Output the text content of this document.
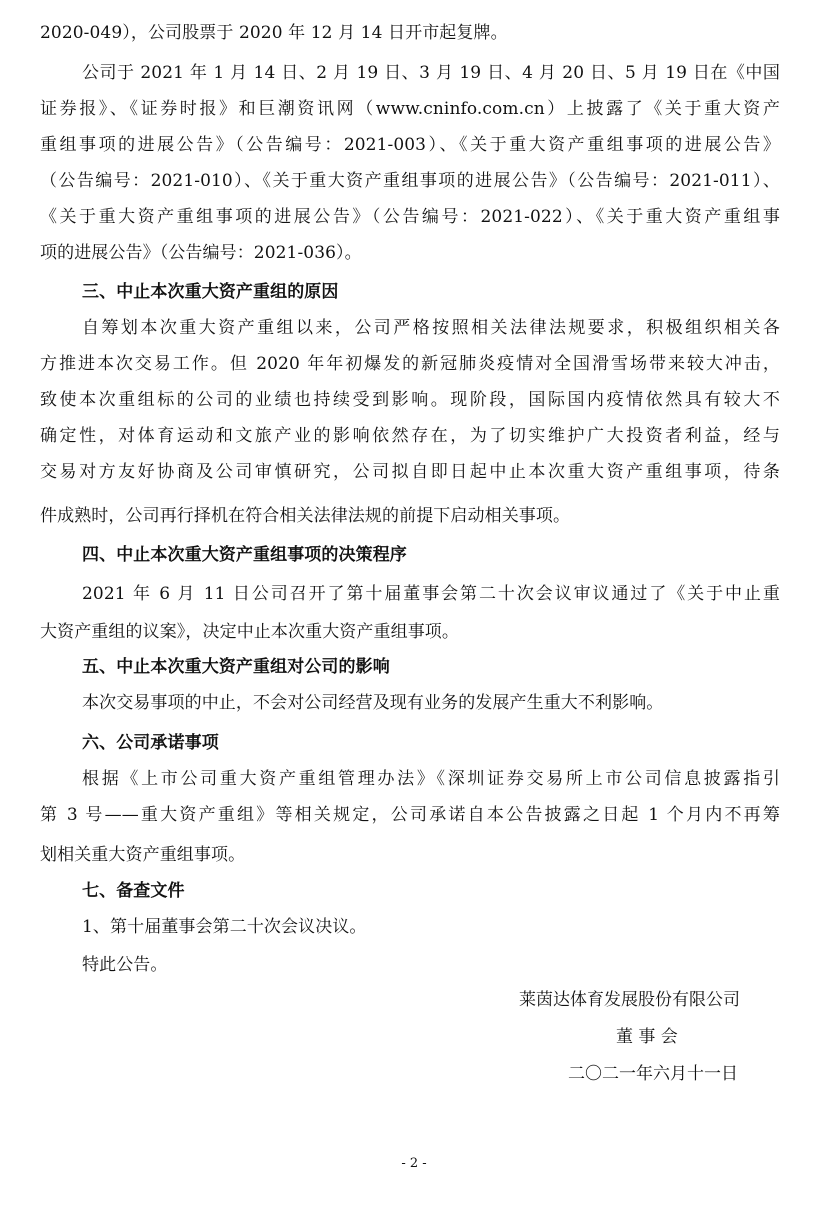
2020-049），公司股票于 2020 年 12 月 14 日开市起复牌。
公司于 2021 年 1 月 14 日、2 月 19 日、3 月 19 日、4 月 20 日、5 月 19 日在《中国
证券报》、《证券时报》和巨潮资讯网（www.cninfo.com.cn）上披露了《关于重大资产
重组事项的进展公告》（公告编号：2021-003）、《关于重大资产重组事项的进展公告》
（公告编号：2021-010）、《关于重大资产重组事项的进展公告》（公告编号：2021-011）、
《关于重大资产重组事项的进展公告》（公告编号：2021-022）、《关于重大资产重组事
项的进展公告》（公告编号：2021-036）。
三、中止本次重大资产重组的原因
自筹划本次重大资产重组以来，公司严格按照相关法律法规要求，积极组织相关各
方推进本次交易工作。但 2020 年年初爆发的新冠肺炎疫情对全国滑雪场带来较大冲击，
致使本次重组标的公司的业绩也持续受到影响。现阶段，国际国内疫情依然具有较大不
确定性，对体育运动和文旅产业的影响依然存在，为了切实维护广大投资者利益，经与
交易对方友好协商及公司审慎研究，公司拟自即日起中止本次重大资产重组事项，待条
件成熟时，公司再行择机在符合相关法律法规的前提下启动相关事项。
四、中止本次重大资产重组事项的决策程序
2021 年 6 月 11 日公司召开了第十届董事会第二十次会议审议通过了《关于中止重
大资产重组的议案》，决定中止本次重大资产重组事项。
五、中止本次重大资产重组对公司的影响
本次交易事项的中止，不会对公司经营及现有业务的发展产生重大不利影响。
六、公司承诺事项
根据《上市公司重大资产重组管理办法》《深圳证券交易所上市公司信息披露指引
第 3 号——重大资产重组》等相关规定，公司承诺自本公告披露之日起 1 个月内不再筹
划相关重大资产重组事项。
七、备查文件
1、第十届董事会第二十次会议决议。
特此公告。
莱茵达体育发展股份有限公司
董 事 会
二〇二一年六月十一日
- 2 -
